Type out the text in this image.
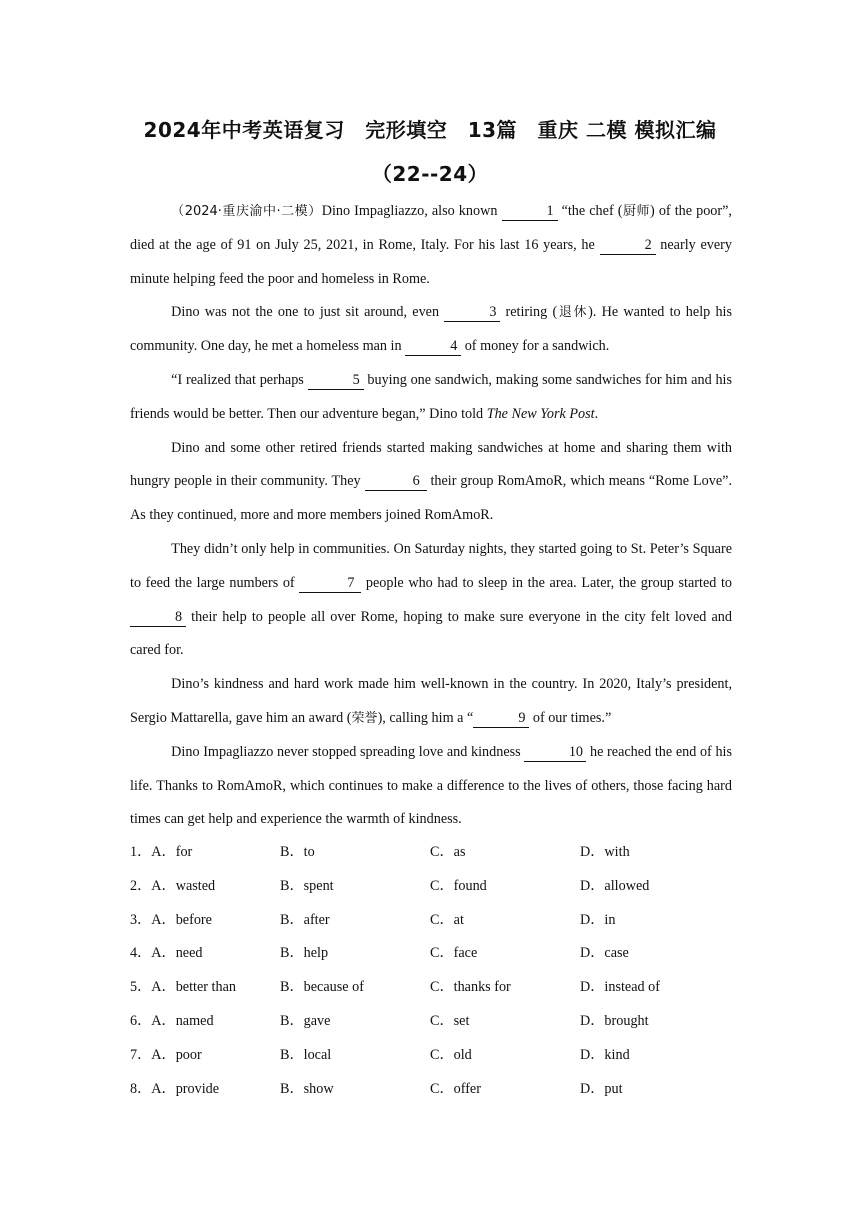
2024年中考英语复习　完形填空　13篇　重庆 二模 模拟汇编
（22--24）

（2024·重庆渝中·二模）Dino Impagliazzo, also known	1 “the chef (厨师) of the poor”, died at the age of 91 on July 25, 2021, in Rome, Italy. For his last 16 years, he	2 nearly every minute helping feed the poor and homeless in Rome.

Dino was not the one to just sit around, even	3 retiring (退休). He wanted to help his community. One day, he met a homeless man in	4 of money for a sandwich.

“I realized that perhaps	5 buying one sandwich, making some sandwiches for him and his friends would be better. Then our adventure began,” Dino told The New York Post.

Dino and some other retired friends started making sandwiches at home and sharing them with hungry people in their community. They	6 their group RomAmoR, which means “Rome Love”. As they continued, more and more members joined RomAmoR.

They didn’t only help in communities. On Saturday nights, they started going to St. Peter’s Square to feed the large numbers of	7 people who had to sleep in the area. Later, the group started to 8 their help to people all over Rome, hoping to make sure everyone in the city felt loved and cared for.

Dino’s kindness and hard work made him well-known in the country. In 2020, Italy’s president, Sergio Mattarella, gave him an award (荣誉), calling him a “	9 of our times.”

Dino Impagliazzo never stopped spreading love and kindness	10 he reached the end of his life. Thanks to RomAmoR, which continues to make a difference to the lives of others, those facing hard times can get help and experience the warmth of kindness.

1．A．for	B．to	C．as	D．with
2．A．wasted	B．spent	C．found	D．allowed
3．A．before	B．after	C．at	D．in
4．A．need	B．help	C．face	D．case
5．A．better than	B．because of	C．thanks for	D．instead of
6．A．named	B．gave	C．set	D．brought
7．A．poor	B．local	C．old	D．kind
8．A．provide	B．show	C．offer	D．put
